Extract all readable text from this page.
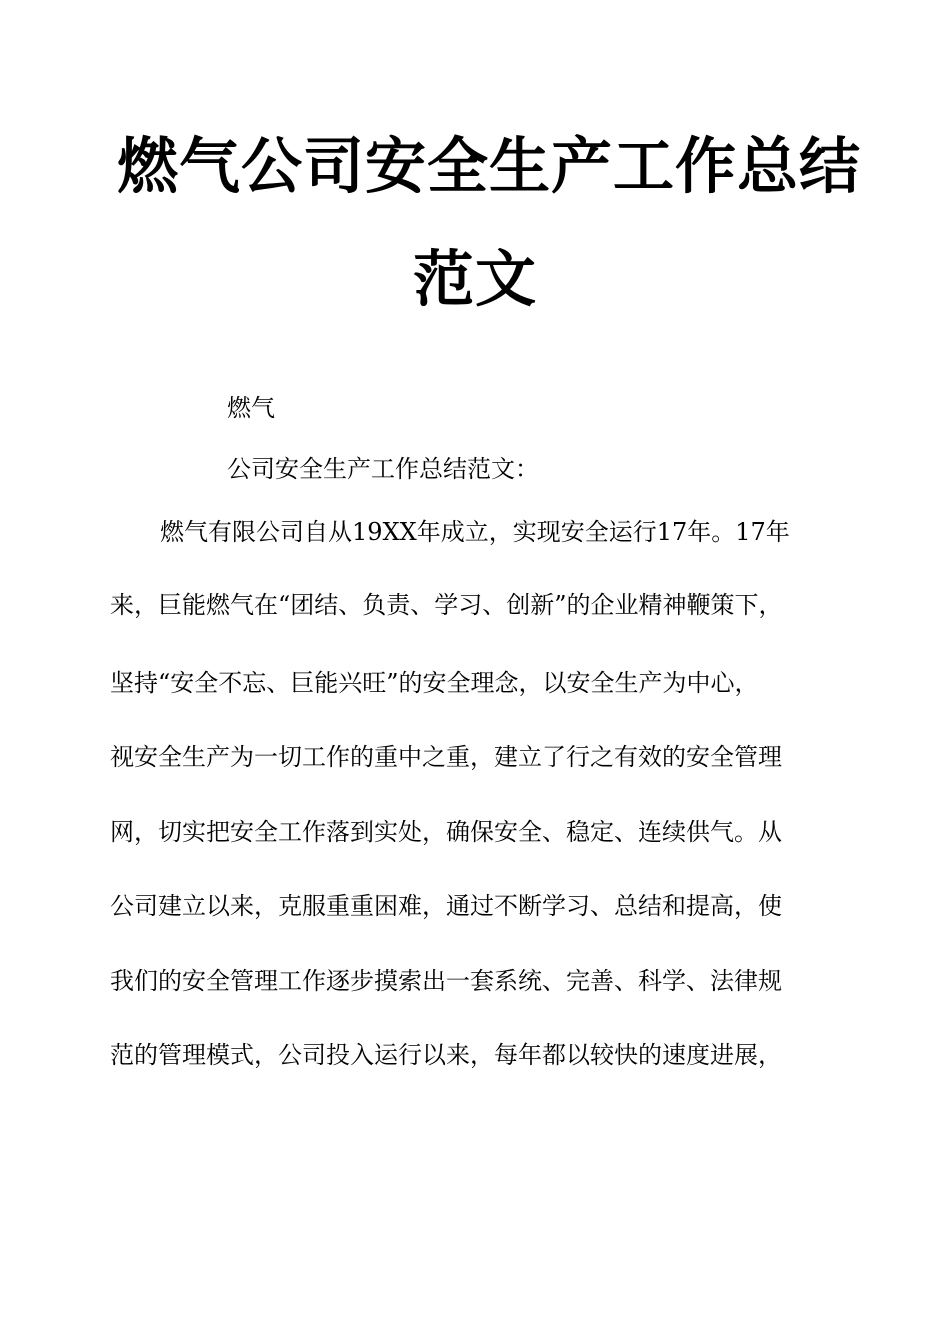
燃气公司安全生产工作总结
范文

燃气

公司安全生产工作总结范文：

燃气有限公司自从19XX年成立，实现安全运行17年。17年

来，巨能燃气在“团结、负责、学习、创新”的企业精神鞭策下，

坚持“安全不忘、巨能兴旺”的安全理念，以安全生产为中心，

视安全生产为一切工作的重中之重，建立了行之有效的安全管理

网，切实把安全工作落到实处，确保安全、稳定、连续供气。从

公司建立以来，克服重重困难，通过不断学习、总结和提高，使

我们的安全管理工作逐步摸索出一套系统、完善、科学、法律规

范的管理模式，公司投入运行以来，每年都以较快的速度进展，
